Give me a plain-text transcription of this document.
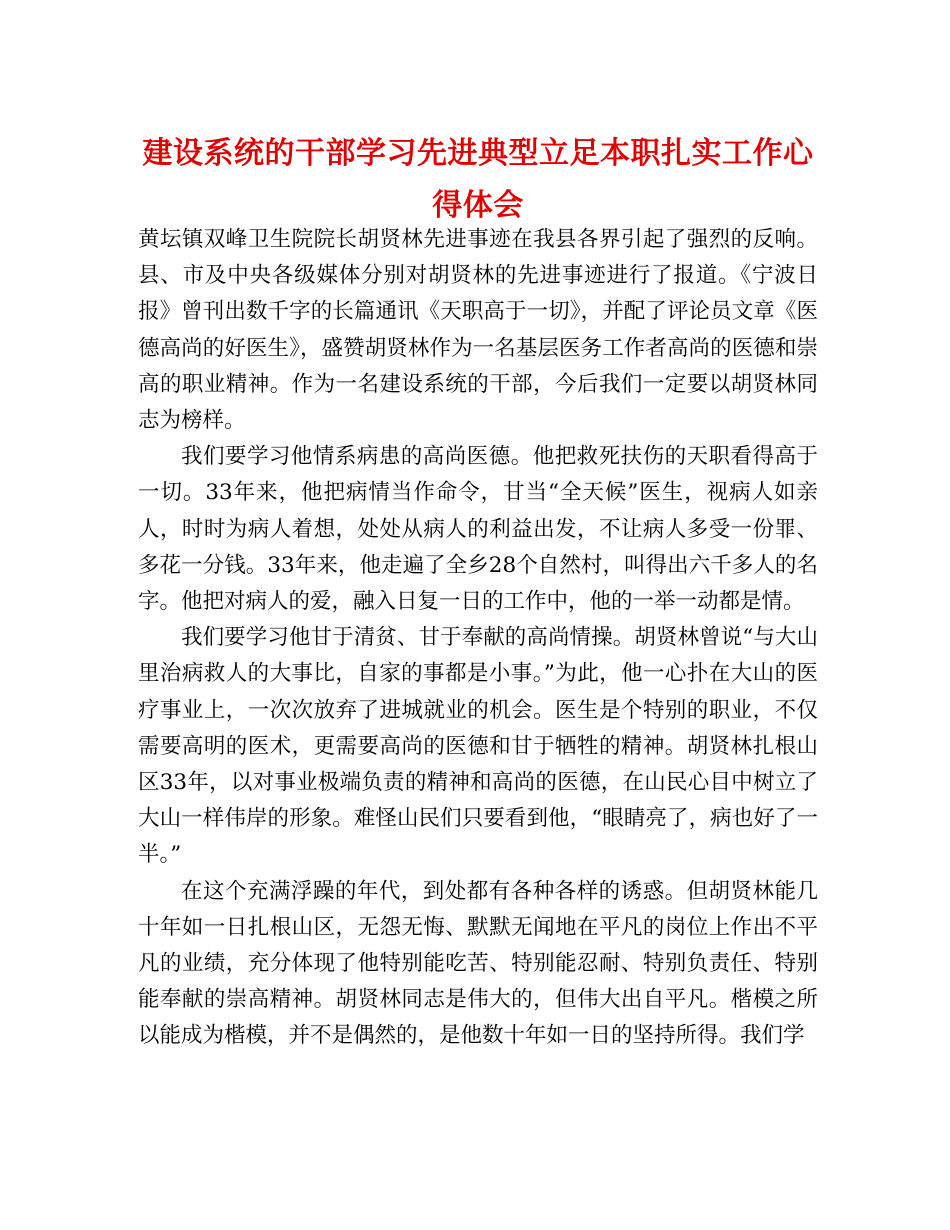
建设系统的干部学习先进典型立足本职扎实工作心得体会

黄坛镇双峰卫生院院长胡贤林先进事迹在我县各界引起了强烈的反响。县、市及中央各级媒体分别对胡贤林的先进事迹进行了报道。《宁波日报》曾刊出数千字的长篇通讯《天职高于一切》，并配了评论员文章《医德高尚的好医生》，盛赞胡贤林作为一名基层医务工作者高尚的医德和崇高的职业精神。作为一名建设系统的干部，今后我们一定要以胡贤林同志为榜样。

我们要学习他情系病患的高尚医德。他把救死扶伤的天职看得高于一切。33年来，他把病情当作命令，甘当“全天候”医生，视病人如亲人，时时为病人着想，处处从病人的利益出发，不让病人多受一份罪、多花一分钱。33年来，他走遍了全乡28个自然村，叫得出六千多人的名字。他把对病人的爱，融入日复一日的工作中，他的一举一动都是情。

我们要学习他甘于清贫、甘于奉献的高尚情操。胡贤林曾说“与大山里治病救人的大事比，自家的事都是小事。”为此，他一心扑在大山的医疗事业上，一次次放弃了进城就业的机会。医生是个特别的职业，不仅需要高明的医术，更需要高尚的医德和甘于牺牲的精神。胡贤林扎根山区33年，以对事业极端负责的精神和高尚的医德，在山民心目中树立了大山一样伟岸的形象。难怪山民们只要看到他，“眼睛亮了，病也好了一半。”

在这个充满浮躁的年代，到处都有各种各样的诱惑。但胡贤林能几十年如一日扎根山区，无怨无悔、默默无闻地在平凡的岗位上作出不平凡的业绩，充分体现了他特别能吃苦、特别能忍耐、特别负责任、特别能奉献的崇高精神。胡贤林同志是伟大的，但伟大出自平凡。楷模之所以能成为楷模，并不是偶然的，是他数十年如一日的坚持所得。我们学
